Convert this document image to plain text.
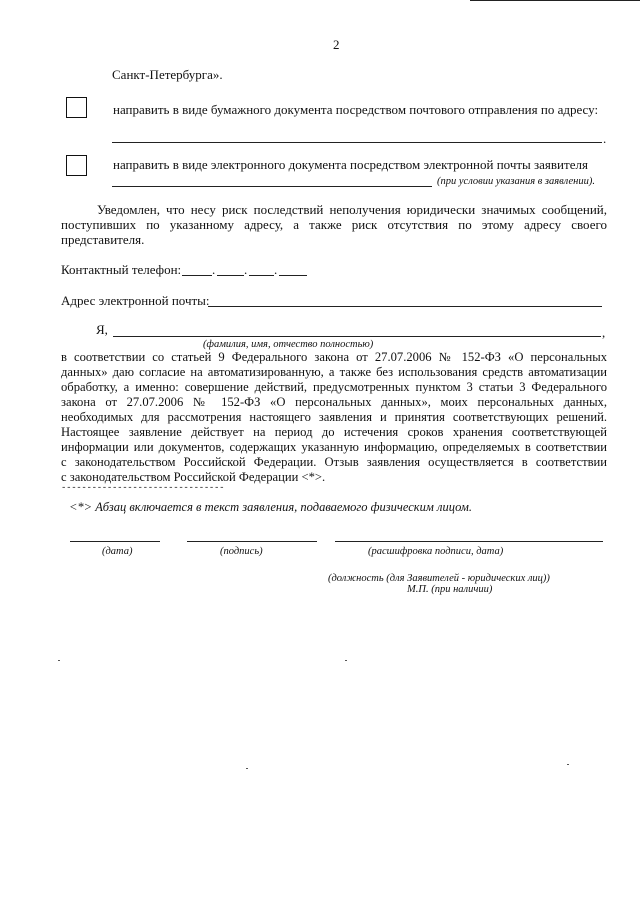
2
Санкт-Петербурга».
направить в виде бумажного документа посредством почтового отправления по адресу:
.
направить в виде электронного документа посредством электронной почты заявителя
(при условии указания в заявлении).
Уведомлен, что несу риск последствий неполучения юридически значимых сообщений,
поступивших по указанному адресу, а также риск отсутствия по этому адресу своего
представителя.
Контактный телефон: . . .
Адрес электронной почты:
Я,	,
(фамилия, имя, отчество полностью)
в соответствии со статьей 9 Федерального закона от 27.07.2006 № 152-ФЗ «О персональных
данных» даю согласие на автоматизированную, а также без использования средств автоматизации
обработку, а именно: совершение действий, предусмотренных пунктом 3 статьи 3 Федерального
закона от 27.07.2006 № 152-ФЗ «О персональных данных», моих персональных данных,
необходимых для рассмотрения настоящего заявления и принятия соответствующих решений.
Настоящее заявление действует на период до истечения сроков хранения соответствующей
информации или документов, содержащих указанную информацию, определяемых в соответствии
с законодательством Российской Федерации. Отзыв заявления осуществляется в соответствии
с законодательством Российской Федерации <*>.
--------------------------------
<*> Абзац включается в текст заявления, подаваемого физическим лицом.
(дата)	(подпись)	(расшифровка подписи, дата)
(должность (для Заявителей - юридических лиц))
М.П. (при наличии)
